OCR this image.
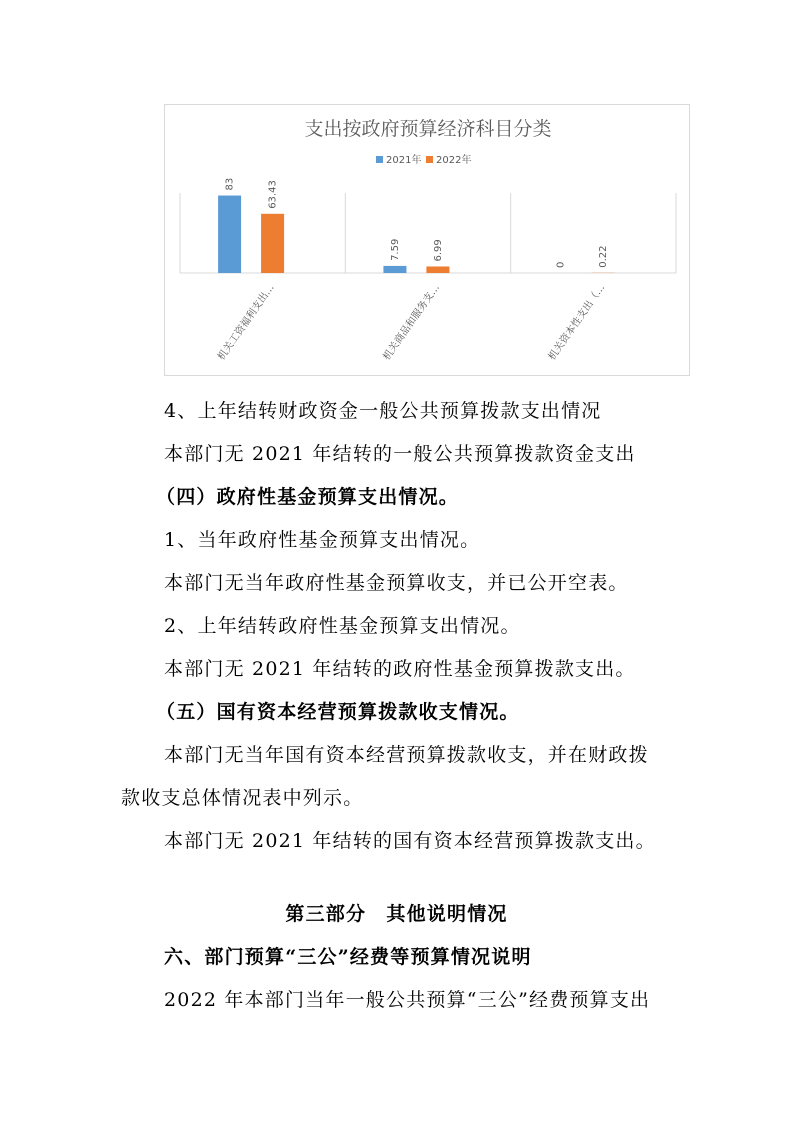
支出按政府预算经济科目分类
2021年 2022年
83	63.43
7.59	6.99
0	0.22
机关工资福利支出…	机关商品和服务支…	机关资本性支出（…
4、上年结转财政资金一般公共预算拨款支出情况
本部门无 2021 年结转的一般公共预算拨款资金支出
（四）政府性基金预算支出情况。
1、当年政府性基金预算支出情况。
本部门无当年政府性基金预算收支，并已公开空表。
2、上年结转政府性基金预算支出情况。
本部门无 2021 年结转的政府性基金预算拨款支出。
（五）国有资本经营预算拨款收支情况。
本部门无当年国有资本经营预算拨款收支，并在财政拨
款收支总体情况表中列示。
本部门无 2021 年结转的国有资本经营预算拨款支出。
第三部分　其他说明情况
六、部门预算“三公”经费等预算情况说明
2022 年本部门当年一般公共预算“三公”经费预算支出
